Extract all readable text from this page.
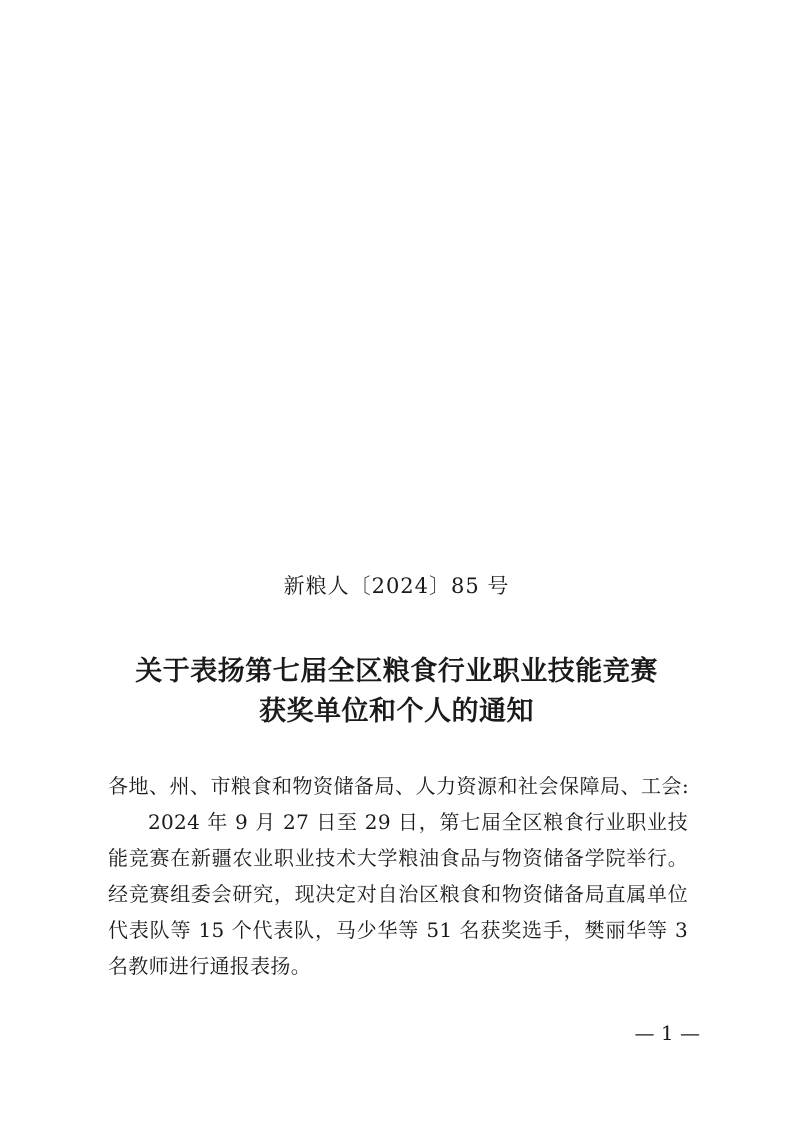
新粮人〔2024〕85 号
关于表扬第七届全区粮食行业职业技能竞赛
获奖单位和个人的通知
各地、州、市粮食和物资储备局、人力资源和社会保障局、工会:
2024 年 9 月 27 日至 29 日，第七届全区粮食行业职业技能竞赛在新疆农业职业技术大学粮油食品与物资储备学院举行。经竞赛组委会研究，现决定对自治区粮食和物资储备局直属单位代表队等 15 个代表队，马少华等 51 名获奖选手，樊丽华等 3 名教师进行通报表扬。
— 1 —
